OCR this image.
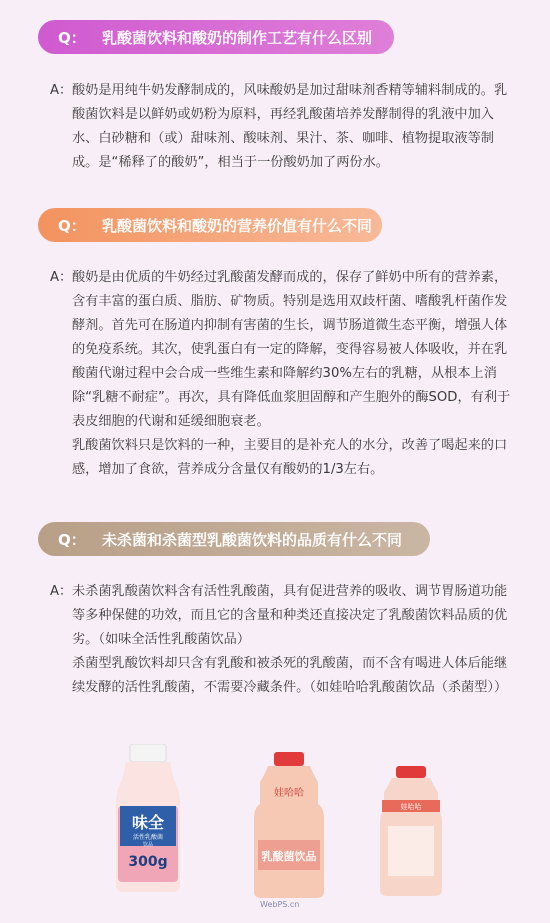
Q：	乳酸菌饮料和酸奶的制作工艺有什么区别
A： 酸奶是用纯牛奶发酵制成的，风味酸奶是加过甜味剂香精等辅料制成的。乳酸菌饮料是以鲜奶或奶粉为原料，再经乳酸菌培养发酵制得的乳液中加入水、白砂糖和（或）甜味剂、酸味剂、果汁、茶、咖啡、植物提取液等制成。是“稀释了的酸奶”，相当于一份酸奶加了两份水。
Q：	乳酸菌饮料和酸奶的营养价值有什么不同
A： 酸奶是由优质的牛奶经过乳酸菌发酵而成的，保存了鲜奶中所有的营养素，含有丰富的蛋白质、脂肪、矿物质。特别是选用双歧杆菌、嗜酸乳杆菌作发酵剂。首先可在肠道内抑制有害菌的生长，调节肠道微生态平衡，增强人体的免疫系统。其次，使乳蛋白有一定的降解，变得容易被人体吸收，并在乳酸菌代谢过程中会合成一些维生素和降解约30%左右的乳糖，从根本上消除“乳糖不耐症”。再次，具有降低血浆胆固醇和产生胞外的酶SOD，有利于表皮细胞的代谢和延缓细胞衰老。
乳酸菌饮料只是饮料的一种，主要目的是补充人的水分，改善了喝起来的口感，增加了食欲，营养成分含量仅有酸奶的1/3左右。
Q：	未杀菌和杀菌型乳酸菌饮料的品质有什么不同
A： 未杀菌乳酸菌饮料含有活性乳酸菌，具有促进营养的吸收、调节胃肠道功能等多种保健的功效，而且它的含量和种类还直接决定了乳酸菌饮料品质的优劣。（如味全活性乳酸菌饮品）
杀菌型乳酸饮料却只含有乳酸和被杀死的乳酸菌，而不含有喝进人体后能继续发酵的活性乳酸菌，不需要冷藏条件。（如娃哈哈乳酸菌饮品（杀菌型））
味全
活性乳酸菌
饮品
300g
娃哈哈
乳酸菌饮品
娃哈哈
WebPS.cn
